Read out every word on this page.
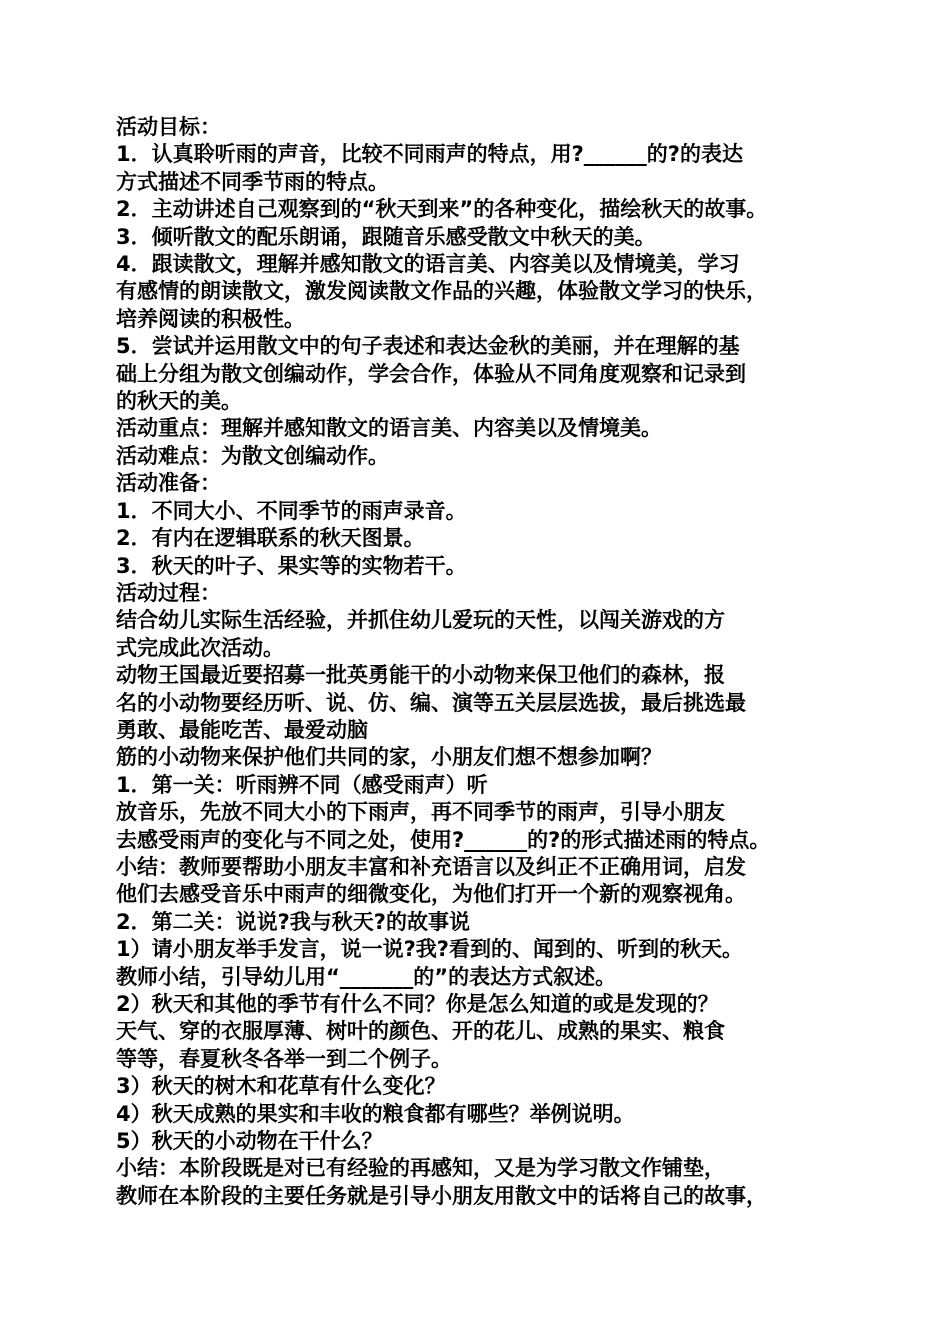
活动目标：
1．认真聆听雨的声音，比较不同雨声的特点，用?______的?的表达
方式描述不同季节雨的特点。
2．主动讲述自己观察到的“秋天到来”的各种变化，描绘秋天的故事。
3．倾听散文的配乐朗诵，跟随音乐感受散文中秋天的美。
4．跟读散文，理解并感知散文的语言美、内容美以及情境美，学习
有感情的朗读散文，激发阅读散文作品的兴趣，体验散文学习的快乐，
培养阅读的积极性。
5．尝试并运用散文中的句子表述和表达金秋的美丽，并在理解的基
础上分组为散文创编动作，学会合作，体验从不同角度观察和记录到
的秋天的美。
活动重点：理解并感知散文的语言美、内容美以及情境美。
活动难点：为散文创编动作。
活动准备：
1．不同大小、不同季节的雨声录音。
2．有内在逻辑联系的秋天图景。
3．秋天的叶子、果实等的实物若干。
活动过程：
结合幼儿实际生活经验，并抓住幼儿爱玩的天性，以闯关游戏的方
式完成此次活动。
动物王国最近要招募一批英勇能干的小动物来保卫他们的森林，报
名的小动物要经历听、说、仿、编、演等五关层层选拔，最后挑选最
勇敢、最能吃苦、最爱动脑
筋的小动物来保护他们共同的家，小朋友们想不想参加啊？
1．第一关：听雨辨不同（感受雨声）听
放音乐，先放不同大小的下雨声，再不同季节的雨声，引导小朋友
去感受雨声的变化与不同之处，使用?______的?的形式描述雨的特点。
小结：教师要帮助小朋友丰富和补充语言以及纠正不正确用词，启发
他们去感受音乐中雨声的细微变化，为他们打开一个新的观察视角。
2．第二关：说说?我与秋天?的故事说
1）请小朋友举手发言，说一说?我?看到的、闻到的、听到的秋天。
教师小结，引导幼儿用“_______的”的表达方式叙述。
2）秋天和其他的季节有什么不同？你是怎么知道的或是发现的？
天气、穿的衣服厚薄、树叶的颜色、开的花儿、成熟的果实、粮食
等等，春夏秋冬各举一到二个例子。
3）秋天的树木和花草有什么变化？
4）秋天成熟的果实和丰收的粮食都有哪些？举例说明。
5）秋天的小动物在干什么？
小结：本阶段既是对已有经验的再感知，又是为学习散文作铺垫，
教师在本阶段的主要任务就是引导小朋友用散文中的话将自己的故事，
